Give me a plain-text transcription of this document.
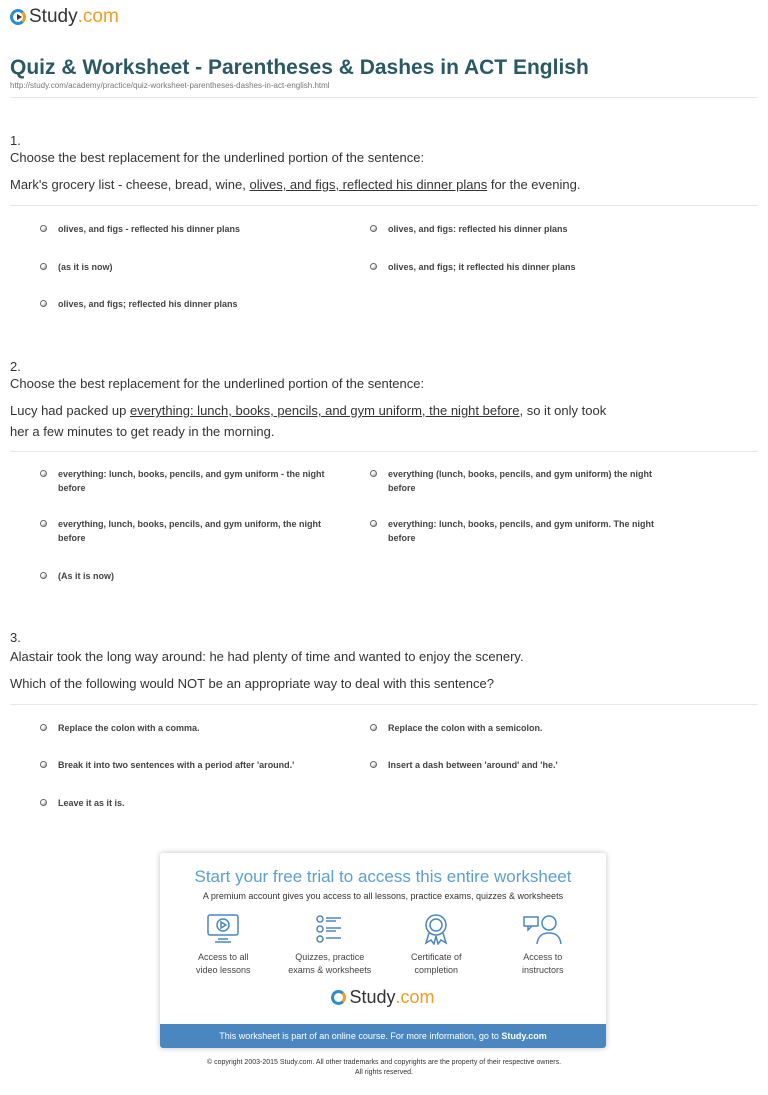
Study .com
Quiz & Worksheet - Parentheses & Dashes in ACT English
http://study.com/academy/practice/quiz-worksheet-parentheses-dashes-in-act-english.html
1.
Choose the best replacement for the underlined portion of the sentence:
Mark's grocery list - cheese, bread, wine, olives, and figs, reflected his dinner plans for the evening.
olives, and figs - reflected his dinner plans	olives, and figs: reflected his dinner plans
(as it is now)	olives, and figs; it reflected his dinner plans
olives, and figs; reflected his dinner plans
2.
Choose the best replacement for the underlined portion of the sentence:
Lucy had packed up everything: lunch, books, pencils, and gym uniform, the night before, so it only took her a few minutes to get ready in the morning.
everything: lunch, books, pencils, and gym uniform - the night before
everything (lunch, books, pencils, and gym uniform) the night before
everything, lunch, books, pencils, and gym uniform, the night before
everything: lunch, books, pencils, and gym uniform. The night before
(As it is now)
3.
Alastair took the long way around: he had plenty of time and wanted to enjoy the scenery.
Which of the following would NOT be an appropriate way to deal with this sentence?
Replace the colon with a comma.	Replace the colon with a semicolon.
Break it into two sentences with a period after 'around.'	Insert a dash between 'around' and 'he.'
Leave it as it is.
Start your free trial to access this entire worksheet
A premium account gives you access to all lessons, practice exams, quizzes & worksheets
Access to all
video lessons
Quizzes, practice
exams & worksheets
Certificate of
completion
Access to
instructors
Study .com
This worksheet is part of an online course. For more information, go to Study.com
© copyright 2003-2015 Study.com. All other trademarks and copyrights are the property of their respective owners.
All rights reserved.
